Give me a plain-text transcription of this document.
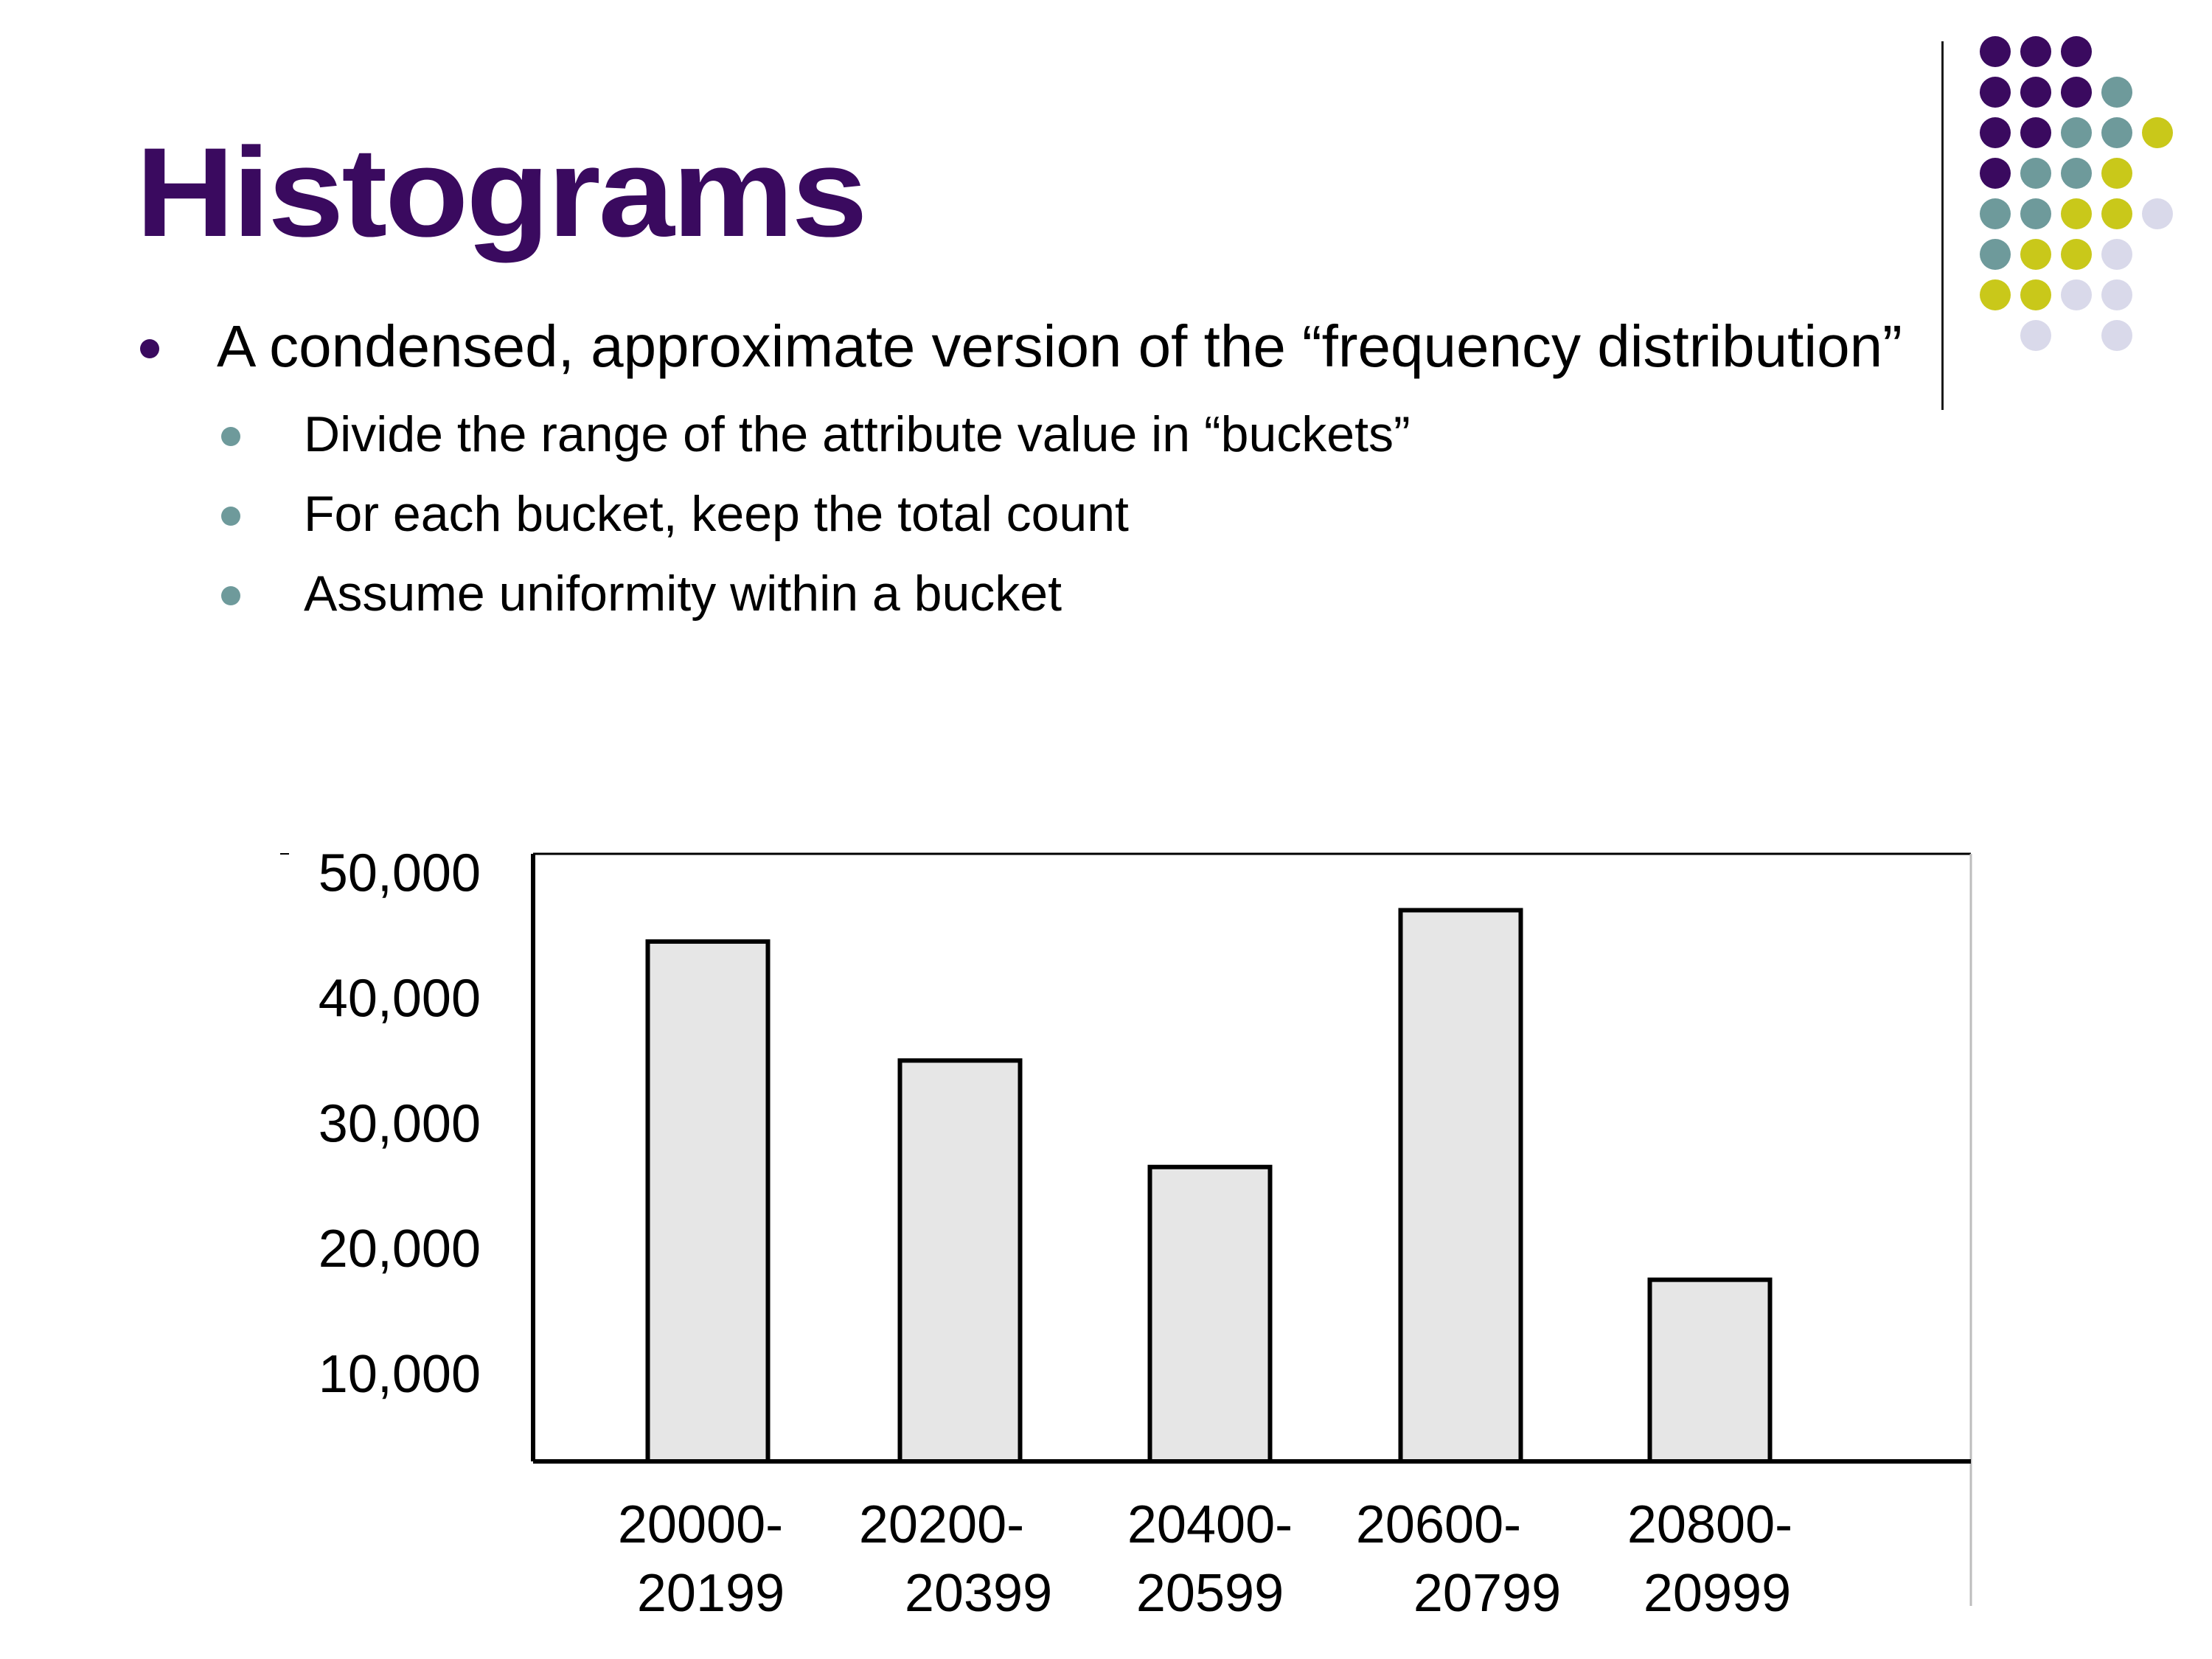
Histograms
A condensed, approximate version of the “frequency distribution”
Divide the range of the attribute value in “buckets”
For each bucket, keep the total count
Assume uniformity within a bucket
50,000
40,000
30,000
20,000
10,000
20000-
20199
20200-
20399
20400-
20599
20600-
20799
20800-
20999
